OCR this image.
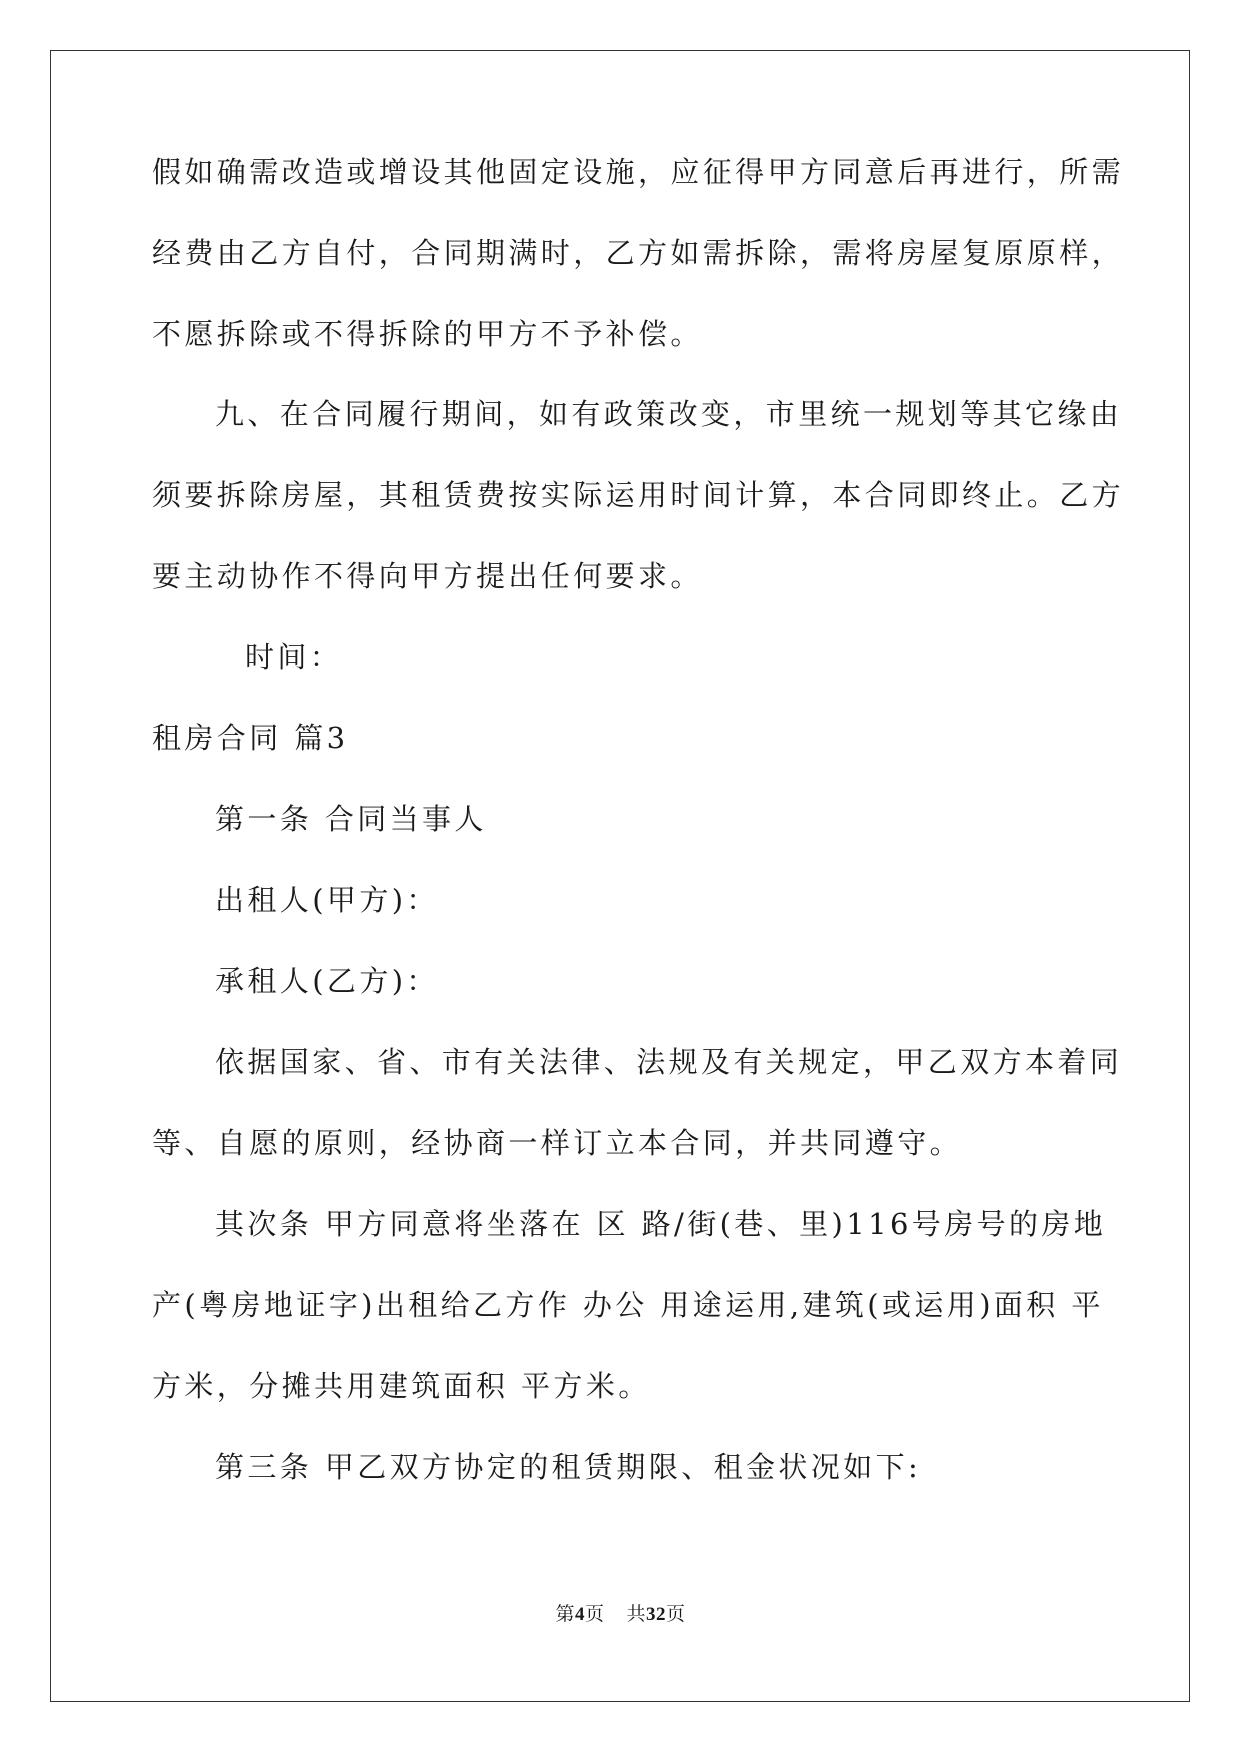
假如确需改造或增设其他固定设施，应征得甲方同意后再进行，所需
经费由乙方自付，合同期满时，乙方如需拆除，需将房屋复原原样，
不愿拆除或不得拆除的甲方不予补偿。
九、在合同履行期间，如有政策改变，市里统一规划等其它缘由
须要拆除房屋，其租赁费按实际运用时间计算，本合同即终止。乙方
要主动协作不得向甲方提出任何要求。
时间：
租房合同 篇3
第一条 合同当事人
出租人(甲方)：
承租人(乙方)：
依据国家、省、市有关法律、法规及有关规定，甲乙双方本着同
等、自愿的原则，经协商一样订立本合同，并共同遵守。
其次条 甲方同意将坐落在 区 路/街(巷、里)116号房号的房地
产(粤房地证字)出租给乙方作 办公 用途运用,建筑(或运用)面积 平
方米，分摊共用建筑面积 平方米。
第三条 甲乙双方协定的租赁期限、租金状况如下:
第4页 共32页
